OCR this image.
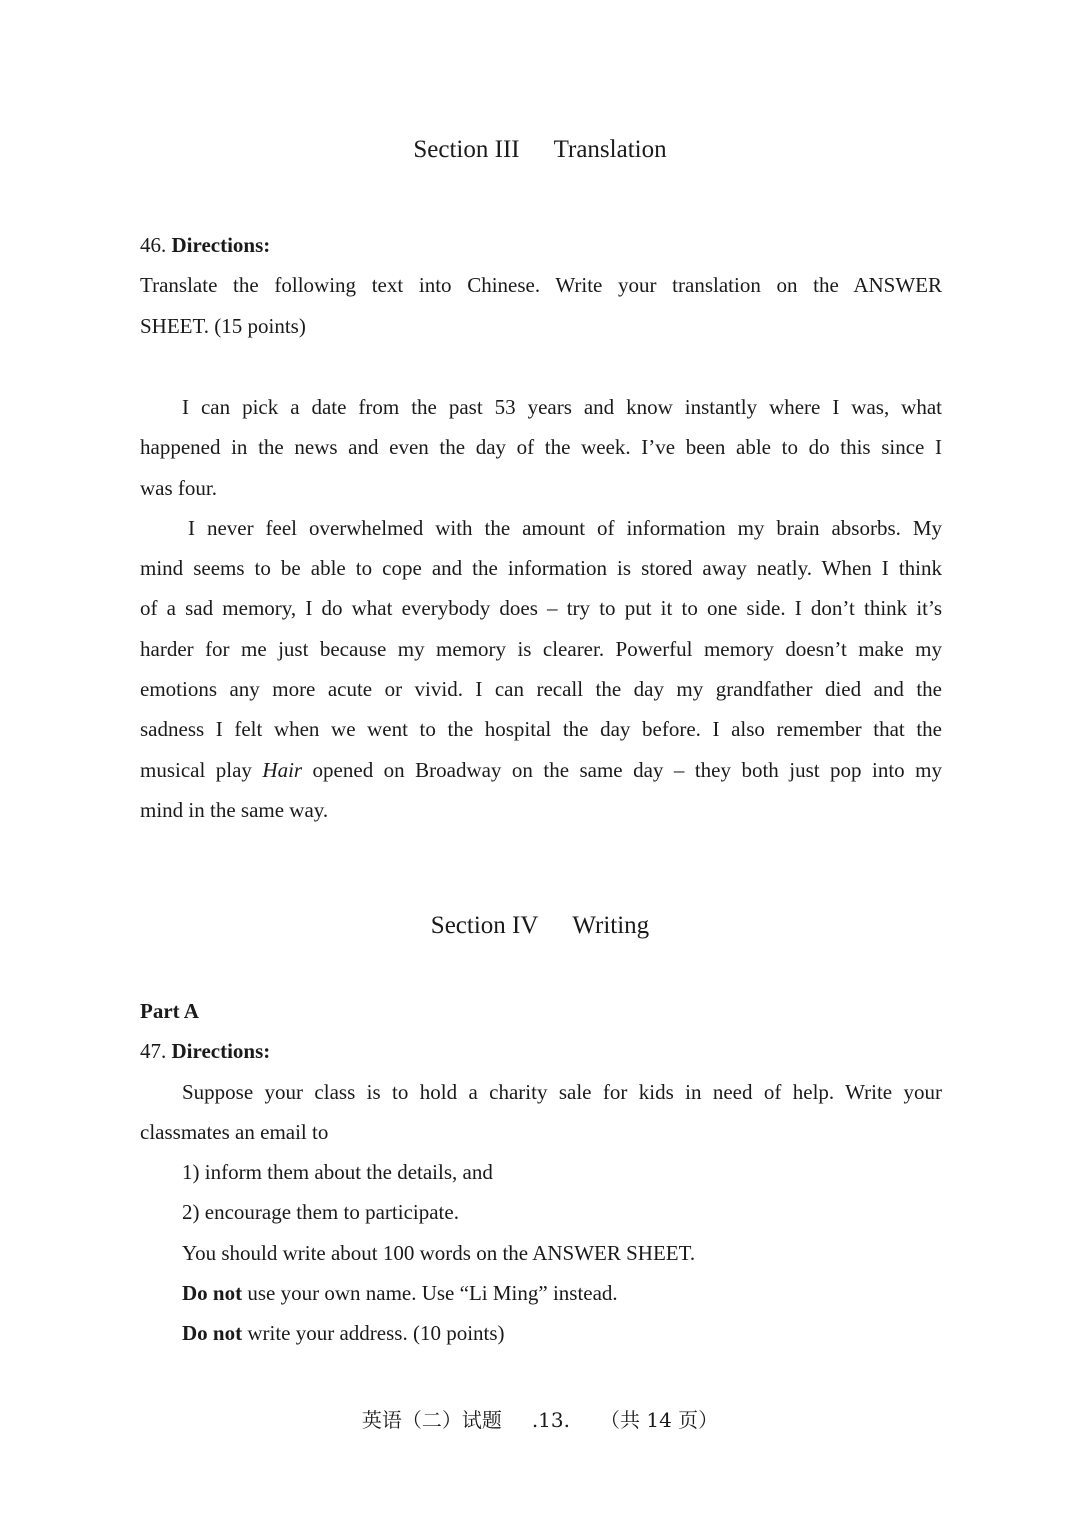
Section III Translation
46. Directions:
Translate the following text into Chinese. Write your translation on the ANSWER
SHEET. (15 points)
I can pick a date from the past 53 years and know instantly where I was, what
happened in the news and even the day of the week. I’ve been able to do this since I
was four.
I never feel overwhelmed with the amount of information my brain absorbs. My
mind seems to be able to cope and the information is stored away neatly. When I think
of a sad memory, I do what everybody does – try to put it to one side. I don’t think it’s
harder for me just because my memory is clearer. Powerful memory doesn’t make my
emotions any more acute or vivid. I can recall the day my grandfather died and the
sadness I felt when we went to the hospital the day before. I also remember that the
musical play Hair opened on Broadway on the same day – they both just pop into my
mind in the same way.
Section IV Writing
Part A
47. Directions:
Suppose your class is to hold a charity sale for kids in need of help. Write your
classmates an email to
1) inform them about the details, and
2) encourage them to participate.
You should write about 100 words on the ANSWER SHEET.
Do not use your own name. Use “Li Ming” instead.
Do not write your address. (10 points)
英语（二）试题 .13. （共 14 页）
